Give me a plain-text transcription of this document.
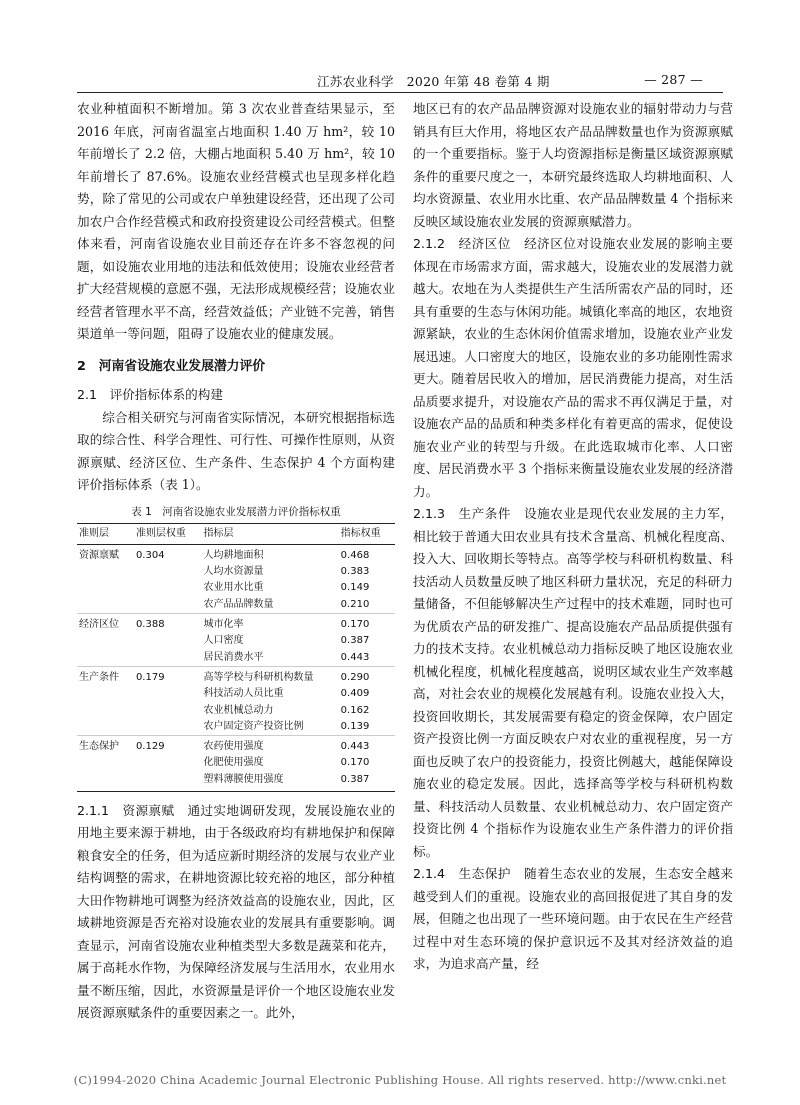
江苏农业科学　2020 年第 48 卷第 4 期	— 287 —

农业种植面积不断增加。第 3 次农业普查结果显示，至 2016 年底，河南省温室占地面积 1.40 万 hm²，较 10 年前增长了 2.2 倍，大棚占地面积 5.40 万 hm²，较 10 年前增长了 87.6%。设施农业经营模式也呈现多样化趋势，除了常见的公司或农户单独建设经营，还出现了公司加农户合作经营模式和政府投资建设公司经营模式。但整体来看，河南省设施农业目前还存在许多不容忽视的问题，如设施农业用地的违法和低效使用；设施农业经营者扩大经营规模的意愿不强，无法形成规模经营；设施农业经营者管理水平不高，经营效益低；产业链不完善，销售渠道单一等问题，阻碍了设施农业的健康发展。

2　河南省设施农业发展潜力评价
2.1　评价指标体系的构建

综合相关研究与河南省实际情况，本研究根据指标选取的综合性、科学合理性、可行性、可操作性原则，从资源禀赋、经济区位、生产条件、生态保护 4 个方面构建评价指标体系（表 1）。

表 1　河南省设施农业发展潜力评价指标权重
准则层	准则层权重	指标层	指标权重
资源禀赋	0.304	人均耕地面积	0.468
		人均水资源量	0.383
		农业用水比重	0.149
		农产品品牌数量	0.210
经济区位	0.388	城市化率	0.170
		人口密度	0.387
		居民消费水平	0.443
生产条件	0.179	高等学校与科研机构数量	0.290
		科技活动人员比重	0.409
		农业机械总动力	0.162
		农户固定资产投资比例	0.139
生态保护	0.129	农药使用强度	0.443
		化肥使用强度	0.170
		塑料薄膜使用强度	0.387

2.1.1　资源禀赋　 通过实地调研发现，发展设施农业的用地主要来源于耕地，由于各级政府均有耕地保护和保障粮食安全的任务，但为适应新时期经济的发展与农业产业结构调整的需求，在耕地资源比较充裕的地区，部分种植大田作物耕地可调整为经济效益高的设施农业，因此，区域耕地资源是否充裕对设施农业的发展具有重要影响。调查显示，河南省设施农业种植类型大多数是蔬菜和花卉，属于高耗水作物，为保障经济发展与生活用水，农业用水量不断压缩，因此，水资源量是评价一个地区设施农业发展资源禀赋条件的重要因素之一。此外，

地区已有的农产品品牌资源对设施农业的辐射带动力与营销具有巨大作用，将地区农产品品牌数量也作为资源禀赋的一个重要指标。鉴于人均资源指标是衡量区域资源禀赋条件的重要尺度之一，本研究最终选取人均耕地面积、人均水资源量、农业用水比重、农产品品牌数量 4 个指标来反映区域设施农业发展的资源禀赋潜力。

2.1.2　经济区位　 经济区位对设施农业发展的影响主要体现在市场需求方面，需求越大，设施农业的发展潜力就越大。农地在为人类提供生产生活所需农产品的同时，还具有重要的生态与休闲功能。城镇化率高的地区，农地资源紧缺，农业的生态休闲价值需求增加，设施农业产业发展迅速。人口密度大的地区，设施农业的多功能刚性需求更大。随着居民收入的增加，居民消费能力提高，对生活品质要求提升，对设施农产品的需求不再仅满足于量，对设施农产品的品质和种类多样化有着更高的需求，促使设施农业产业的转型与升级。在此选取城市化率、人口密度、居民消费水平 3 个指标来衡量设施农业发展的经济潜力。

2.1.3　生产条件　 设施农业是现代农业发展的主力军，相比较于普通大田农业具有技术含量高、机械化程度高、投入大、回收期长等特点。高等学校与科研机构数量、科技活动人员数量反映了地区科研力量状况，充足的科研力量储备，不但能够解决生产过程中的技术难题，同时也可为优质农产品的研发推广、提高设施农产品品质提供强有力的技术支持。农业机械总动力指标反映了地区设施农业机械化程度，机械化程度越高，说明区域农业生产效率越高，对社会农业的规模化发展越有利。设施农业投入大，投资回收期长，其发展需要有稳定的资金保障，农户固定资产投资比例一方面反映农户对农业的重视程度，另一方面也反映了农户的投资能力，投资比例越大，越能保障设施农业的稳定发展。因此，选择高等学校与科研机构数量、科技活动人员数量、农业机械总动力、农户固定资产投资比例 4 个指标作为设施农业生产条件潜力的评价指标。

2.1.4　生态保护　 随着生态农业的发展，生态安全越来越受到人们的重视。设施农业的高回报促进了其自身的发展，但随之也出现了一些环境问题。由于农民在生产经营过程中对生态环境的保护意识远不及其对经济效益的追求，为追求高产量，经

(C)1994-2020 China Academic Journal Electronic Publishing House. All rights reserved. http://www.cnki.net
